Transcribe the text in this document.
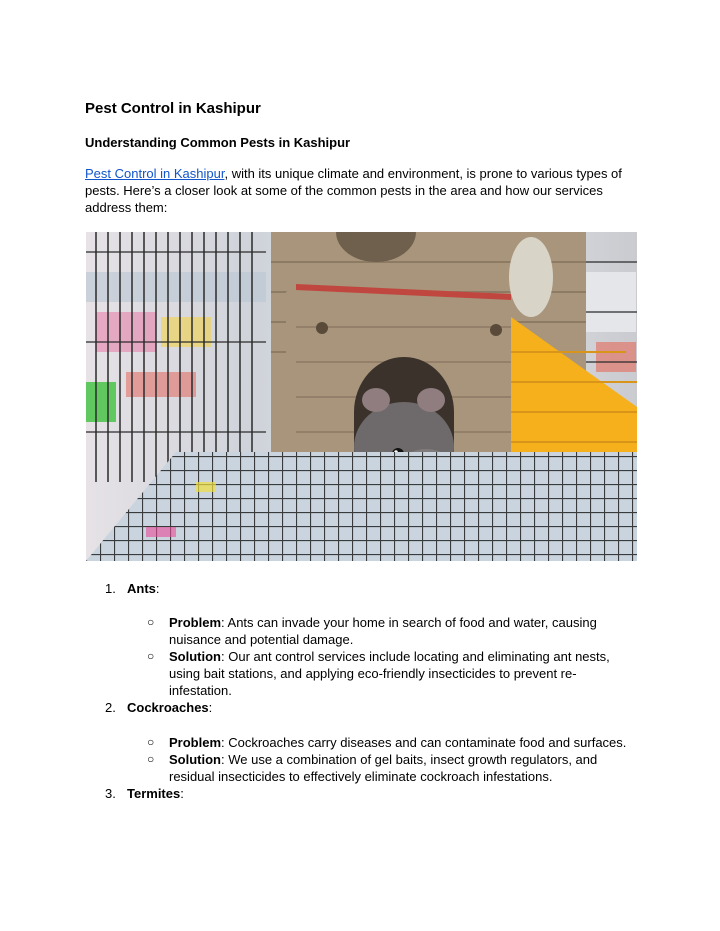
Pest Control in Kashipur
Understanding Common Pests in Kashipur

Pest Control in Kashipur, with its unique climate and environment, is prone to various types of pests. Here’s a closer look at some of the common pests in the area and how our services address them:

1. Ants:
○ Problem: Ants can invade your home in search of food and water, causing nuisance and potential damage.
○ Solution: Our ant control services include locating and eliminating ant nests, using bait stations, and applying eco-friendly insecticides to prevent re-infestation.
2. Cockroaches:
○ Problem: Cockroaches carry diseases and can contaminate food and surfaces.
○ Solution: We use a combination of gel baits, insect growth regulators, and residual insecticides to effectively eliminate cockroach infestations.
3. Termites:
